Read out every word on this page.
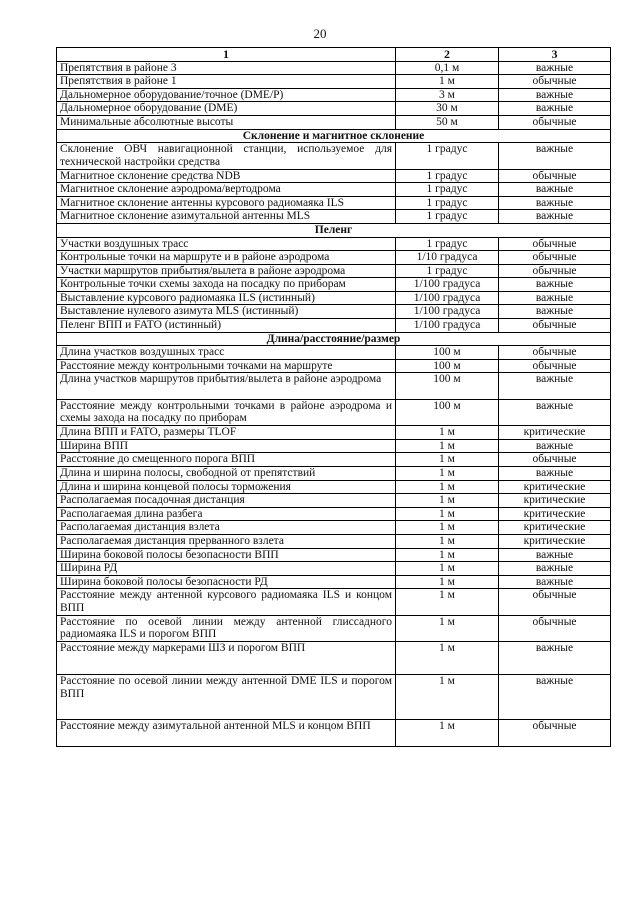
20
1	2	3
Препятствия в районе 3	0,1 м	важные
Препятствия в районе 1	1 м	обычные
Дальномерное оборудование/точное (DME/P)	3 м	важные
Дальномерное оборудование (DME)	30 м	важные
Минимальные абсолютные высоты	50 м	обычные
Склонение и магнитное склонение		
Склонение ОВЧ навигационной станции, используемое для технической настройки средства	1 градус	важные
Магнитное склонение средства NDB	1 градус	обычные
Магнитное склонение аэродрома/вертодрома	1 градус	важные
Магнитное склонение антенны курсового радиомаяка ILS	1 градус	важные
Магнитное склонение азимутальной антенны MLS	1 градус	важные
Пеленг		
Участки воздушных трасс	1 градус	обычные
Контрольные точки на маршруте и в районе аэродрома	1/10 градуса	обычные
Участки маршрутов прибытия/вылета в районе аэродрома	1 градус	обычные
Контрольные точки схемы захода на посадку по приборам	1/100 градуса	важные
Выставление курсового радиомаяка ILS (истинный)	1/100 градуса	важные
Выставление нулевого азимута MLS (истинный)	1/100 градуса	важные
Пеленг ВПП и FATO (истинный)	1/100 градуса	обычные
Длина/расстояние/размер		
Длина участков воздушных трасс	100 м	обычные
Расстояние между контрольными точками на маршруте	100 м	обычные
Длина участков маршрутов прибытия/вылета в районе аэродрома	100 м	важные
Расстояние между контрольными точками в районе аэродрома и схемы захода на посадку по приборам	100 м	важные
Длина ВПП и FATO, размеры TLOF	1 м	критические
Ширина ВПП	1 м	важные
Расстояние до смещенного порога ВПП	1 м	обычные
Длина и ширина полосы, свободной от препятствий	1 м	важные
Длина и ширина концевой полосы торможения	1 м	критические
Располагаемая посадочная дистанция	1 м	критические
Располагаемая длина разбега	1 м	критические
Располагаемая дистанция взлета	1 м	критические
Располагаемая дистанция прерванного взлета	1 м	критические
Ширина боковой полосы безопасности ВПП	1 м	важные
Ширина РД	1 м	важные
Ширина боковой полосы безопасности РД	1 м	важные
Расстояние между антенной курсового радиомаяка ILS и концом ВПП	1 м	обычные
Расстояние по осевой линии между антенной глиссадного радиомаяка ILS и порогом ВПП	1 м	обычные
Расстояние между маркерами ШЗ и порогом ВПП	1 м	важные
Расстояние по осевой линии между антенной DME ILS и порогом ВПП	1 м	важные
Расстояние между азимутальной антенной MLS и концом ВПП	1 м	обычные
